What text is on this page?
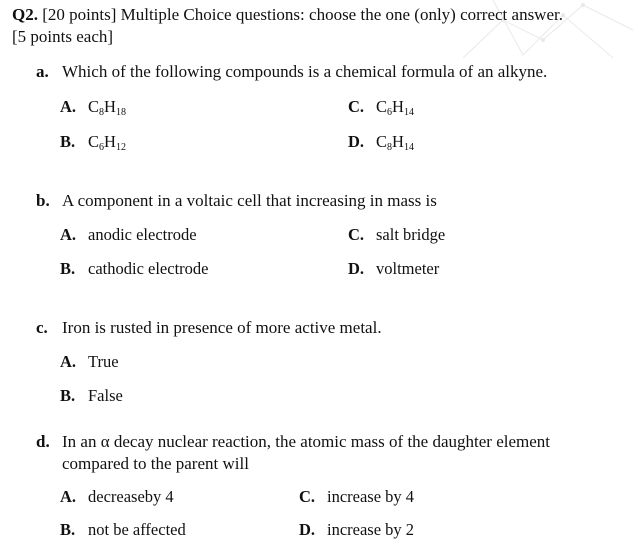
Q2. [20 points] Multiple Choice questions: choose the one (only) correct answer.
[5 points each]
a. Which of the following compounds is a chemical formula of an alkyne.
A. $C_8H_{18}$	C. $C_6H_{14}$
B. $C_6H_{12}$	D. $C_8H_{14}$
b. A component in a voltaic cell that increasing in mass is
A. anodic electrode	C. salt bridge
B. cathodic electrode	D. voltmeter
c. Iron is rusted in presence of more active metal.
A. True
B. False
d. In an α decay nuclear reaction, the atomic mass of the daughter element
compared to the parent will
A. decreaseby 4	C. increase by 4
B. not be affected	D. increase by 2
